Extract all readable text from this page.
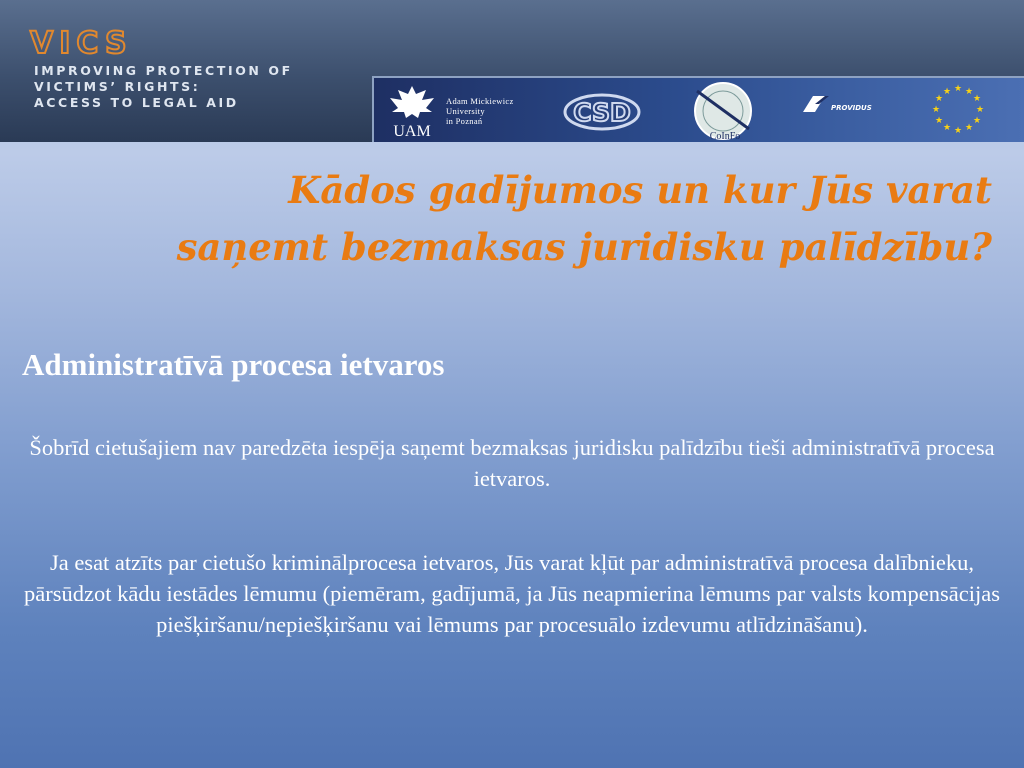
VICS
IMPROVING PROTECTION OF
VICTIMS’ RIGHTS:
ACCESS TO LEGAL AID
UAM
Adam Mickiewicz
University
in Poznań	CSD
CoInFo
PROVIDUS
★ ★
★
★
★
★
★
★
★
★
★
★
Kādos gadījumos un kur Jūs varat saņemt bezmaksas juridisku palīdzību?
Administratīvā procesa ietvaros

Šobrīd cietušajiem nav paredzēta iespēja saņemt bezmaksas juridisku palīdzību tieši administratīvā procesa ietvaros.

Ja esat atzīts par cietušo kriminālprocesa ietvaros, Jūs varat kļūt par administratīvā procesa dalībnieku, pārsūdzot kādu iestādes lēmumu (piemēram, gadījumā, ja Jūs neapmierina lēmums par valsts kompensācijas piešķiršanu/nepiešķiršanu vai lēmums par procesuālo izdevumu atlīdzināšanu).
